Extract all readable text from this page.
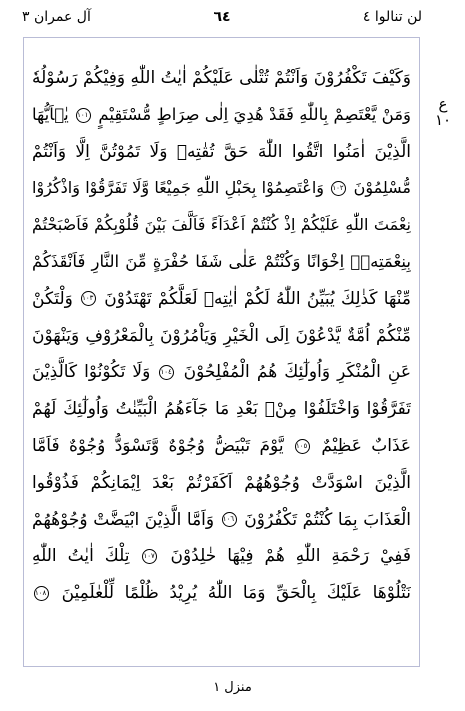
لن تنالوا ٤
٦٤
آل عمران ٣
ع
١٠
وَكَيْفَ تَكْفُرُوْنَ وَاَنْتُمْ تُتْلٰى عَلَيْكُمْ اٰيٰتُ اللّٰهِ وَفِيْكُمْ رَسُوْلُهٗ
وَمَنْ يَّعْتَصِمْ بِاللّٰهِ فَقَدْ هُدِيَ اِلٰى صِرَاطٍ مُّسْتَقِيْمٍ ١٠١ يٰۤاَيُّهَا
الَّذِيْنَ اٰمَنُوا اتَّقُوا اللّٰهَ حَقَّ تُقٰتِهٖ وَلَا تَمُوْتُنَّ اِلَّا وَاَنْتُمْ
مُّسْلِمُوْنَ ١٠٢ وَاعْتَصِمُوْا بِحَبْلِ اللّٰهِ جَمِيْعًا وَّلَا تَفَرَّقُوْا وَاذْكُرُوْا
نِعْمَتَ اللّٰهِ عَلَيْكُمْ اِذْ كُنْتُمْ اَعْدَآءً فَاَلَّفَ بَيْنَ قُلُوْبِكُمْ فَاَصْبَحْتُمْ
بِنِعْمَتِهٖۤ اِخْوَانًا وَكُنْتُمْ عَلٰى شَفَا حُفْرَةٍ مِّنَ النَّارِ فَاَنْقَذَكُمْ
مِّنْهَا كَذٰلِكَ يُبَيِّنُ اللّٰهُ لَكُمْ اٰيٰتِهٖ لَعَلَّكُمْ تَهْتَدُوْنَ ١٠٣ وَلْتَكُنْ
مِّنْكُمْ اُمَّةٌ يَّدْعُوْنَ اِلَى الْخَيْرِ وَيَاْمُرُوْنَ بِالْمَعْرُوْفِ وَيَنْهَوْنَ
عَنِ الْمُنْكَرِ وَاُولٰٓئِكَ هُمُ الْمُفْلِحُوْنَ ١٠٤ وَلَا تَكُوْنُوْا كَالَّذِيْنَ
تَفَرَّقُوْا وَاخْتَلَفُوْا مِنْۢ بَعْدِ مَا جَآءَهُمُ الْبَيِّنٰتُ وَاُولٰٓئِكَ لَهُمْ
عَذَابٌ عَظِيْمٌ ١٠٥ يَّوْمَ تَبْيَضُّ وُجُوْهٌ وَّتَسْوَدُّ وُجُوْهٌ فَاَمَّا
الَّذِيْنَ اسْوَدَّتْ وُجُوْهُهُمْ اَكَفَرْتُمْ بَعْدَ اِيْمَانِكُمْ فَذُوْقُوا
الْعَذَابَ بِمَا كُنْتُمْ تَكْفُرُوْنَ ١٠٦ وَاَمَّا الَّذِيْنَ ابْيَضَّتْ وُجُوْهُهُمْ
فَفِيْ رَحْمَةِ اللّٰهِ هُمْ فِيْهَا خٰلِدُوْنَ ١٠٧ تِلْكَ اٰيٰتُ اللّٰهِ
نَتْلُوْهَا عَلَيْكَ بِالْحَقِّ وَمَا اللّٰهُ يُرِيْدُ ظُلْمًا لِّلْعٰلَمِيْنَ ١٠٨
منزل ١
